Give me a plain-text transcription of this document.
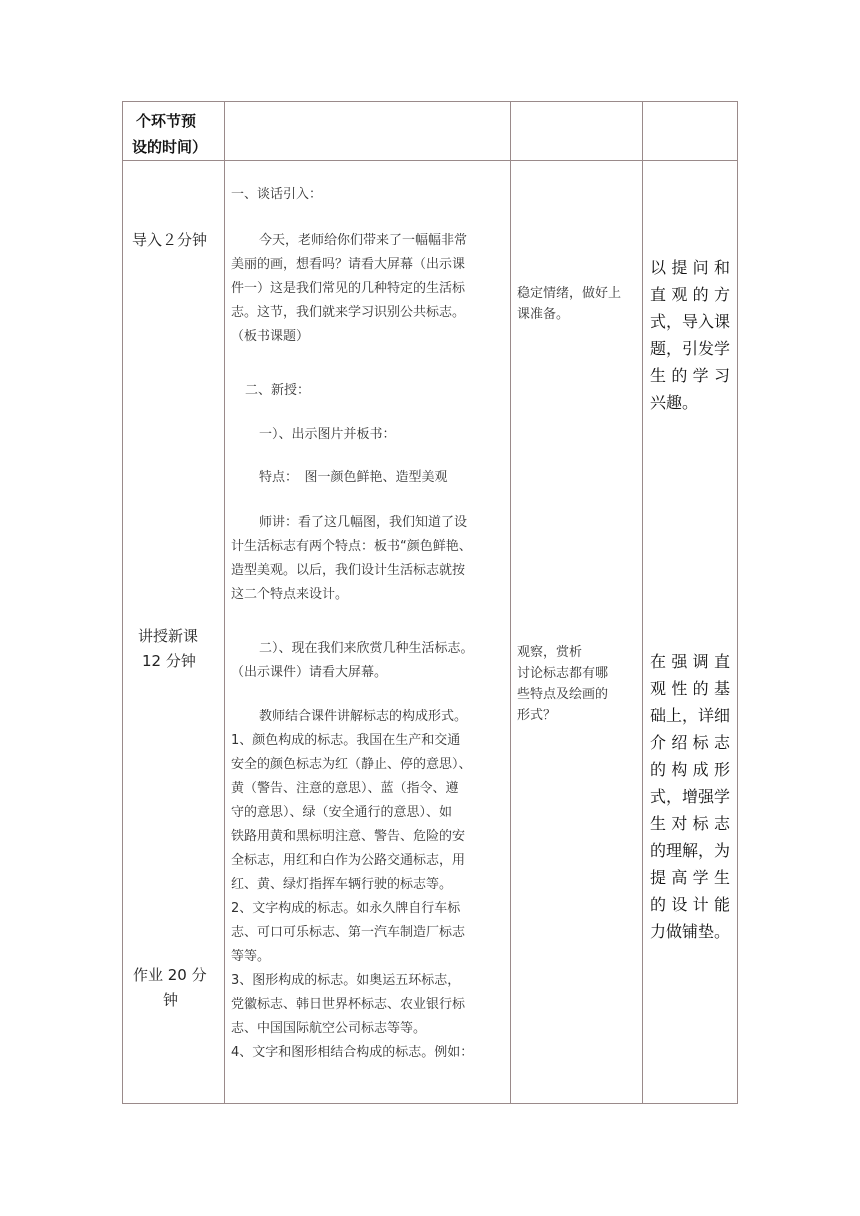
个环节预
设的时间）
导入２分钟
讲授新课
12 分钟
作业 20 分
钟
一、谈话引入：
今天，老师给你们带来了一幅幅非常
美丽的画，想看吗？请看大屏幕（出示课
件一）这是我们常见的几种特定的生活标
志。这节，我们就来学习识别公共标志。
（板书课题）
二、新授：
一）、出示图片并板书：
特点：　图一颜色鲜艳、造型美观
师讲：看了这几幅图，我们知道了设
计生活标志有两个特点：板书“颜色鲜艳、
造型美观。以后，我们设计生活标志就按
这二个特点来设计。
二）、现在我们来欣赏几种生活标志。
（出示课件）请看大屏幕。
教师结合课件讲解标志的构成形式。
1、颜色构成的标志。我国在生产和交通
安全的颜色标志为红（静止、停的意思）、
黄（警告、注意的意思）、蓝（指令、遵
守的意思）、绿（安全通行的意思）、如
铁路用黄和黑标明注意、警告、危险的安
全标志，用红和白作为公路交通标志，用
红、黄、绿灯指挥车辆行驶的标志等。
2、文字构成的标志。如永久牌自行车标
志、可口可乐标志、第一汽车制造厂标志
等等。
3、图形构成的标志。如奥运五环标志，
党徽标志、韩日世界杯标志、农业银行标
志、中国国际航空公司标志等等。
4、文字和图形相结合构成的标志。例如：
稳定情绪，做好上
课准备。
观察，赏析
讨论标志都有哪
些特点及绘画的
形式？
以提问和
直观的方
式，导入课
题，引发学
生的学习
兴趣。
在强调直
观性的基
础上，详细
介绍标志
的构成形
式，增强学
生对标志
的理解，为
提高学生
的设计能
力做铺垫。
